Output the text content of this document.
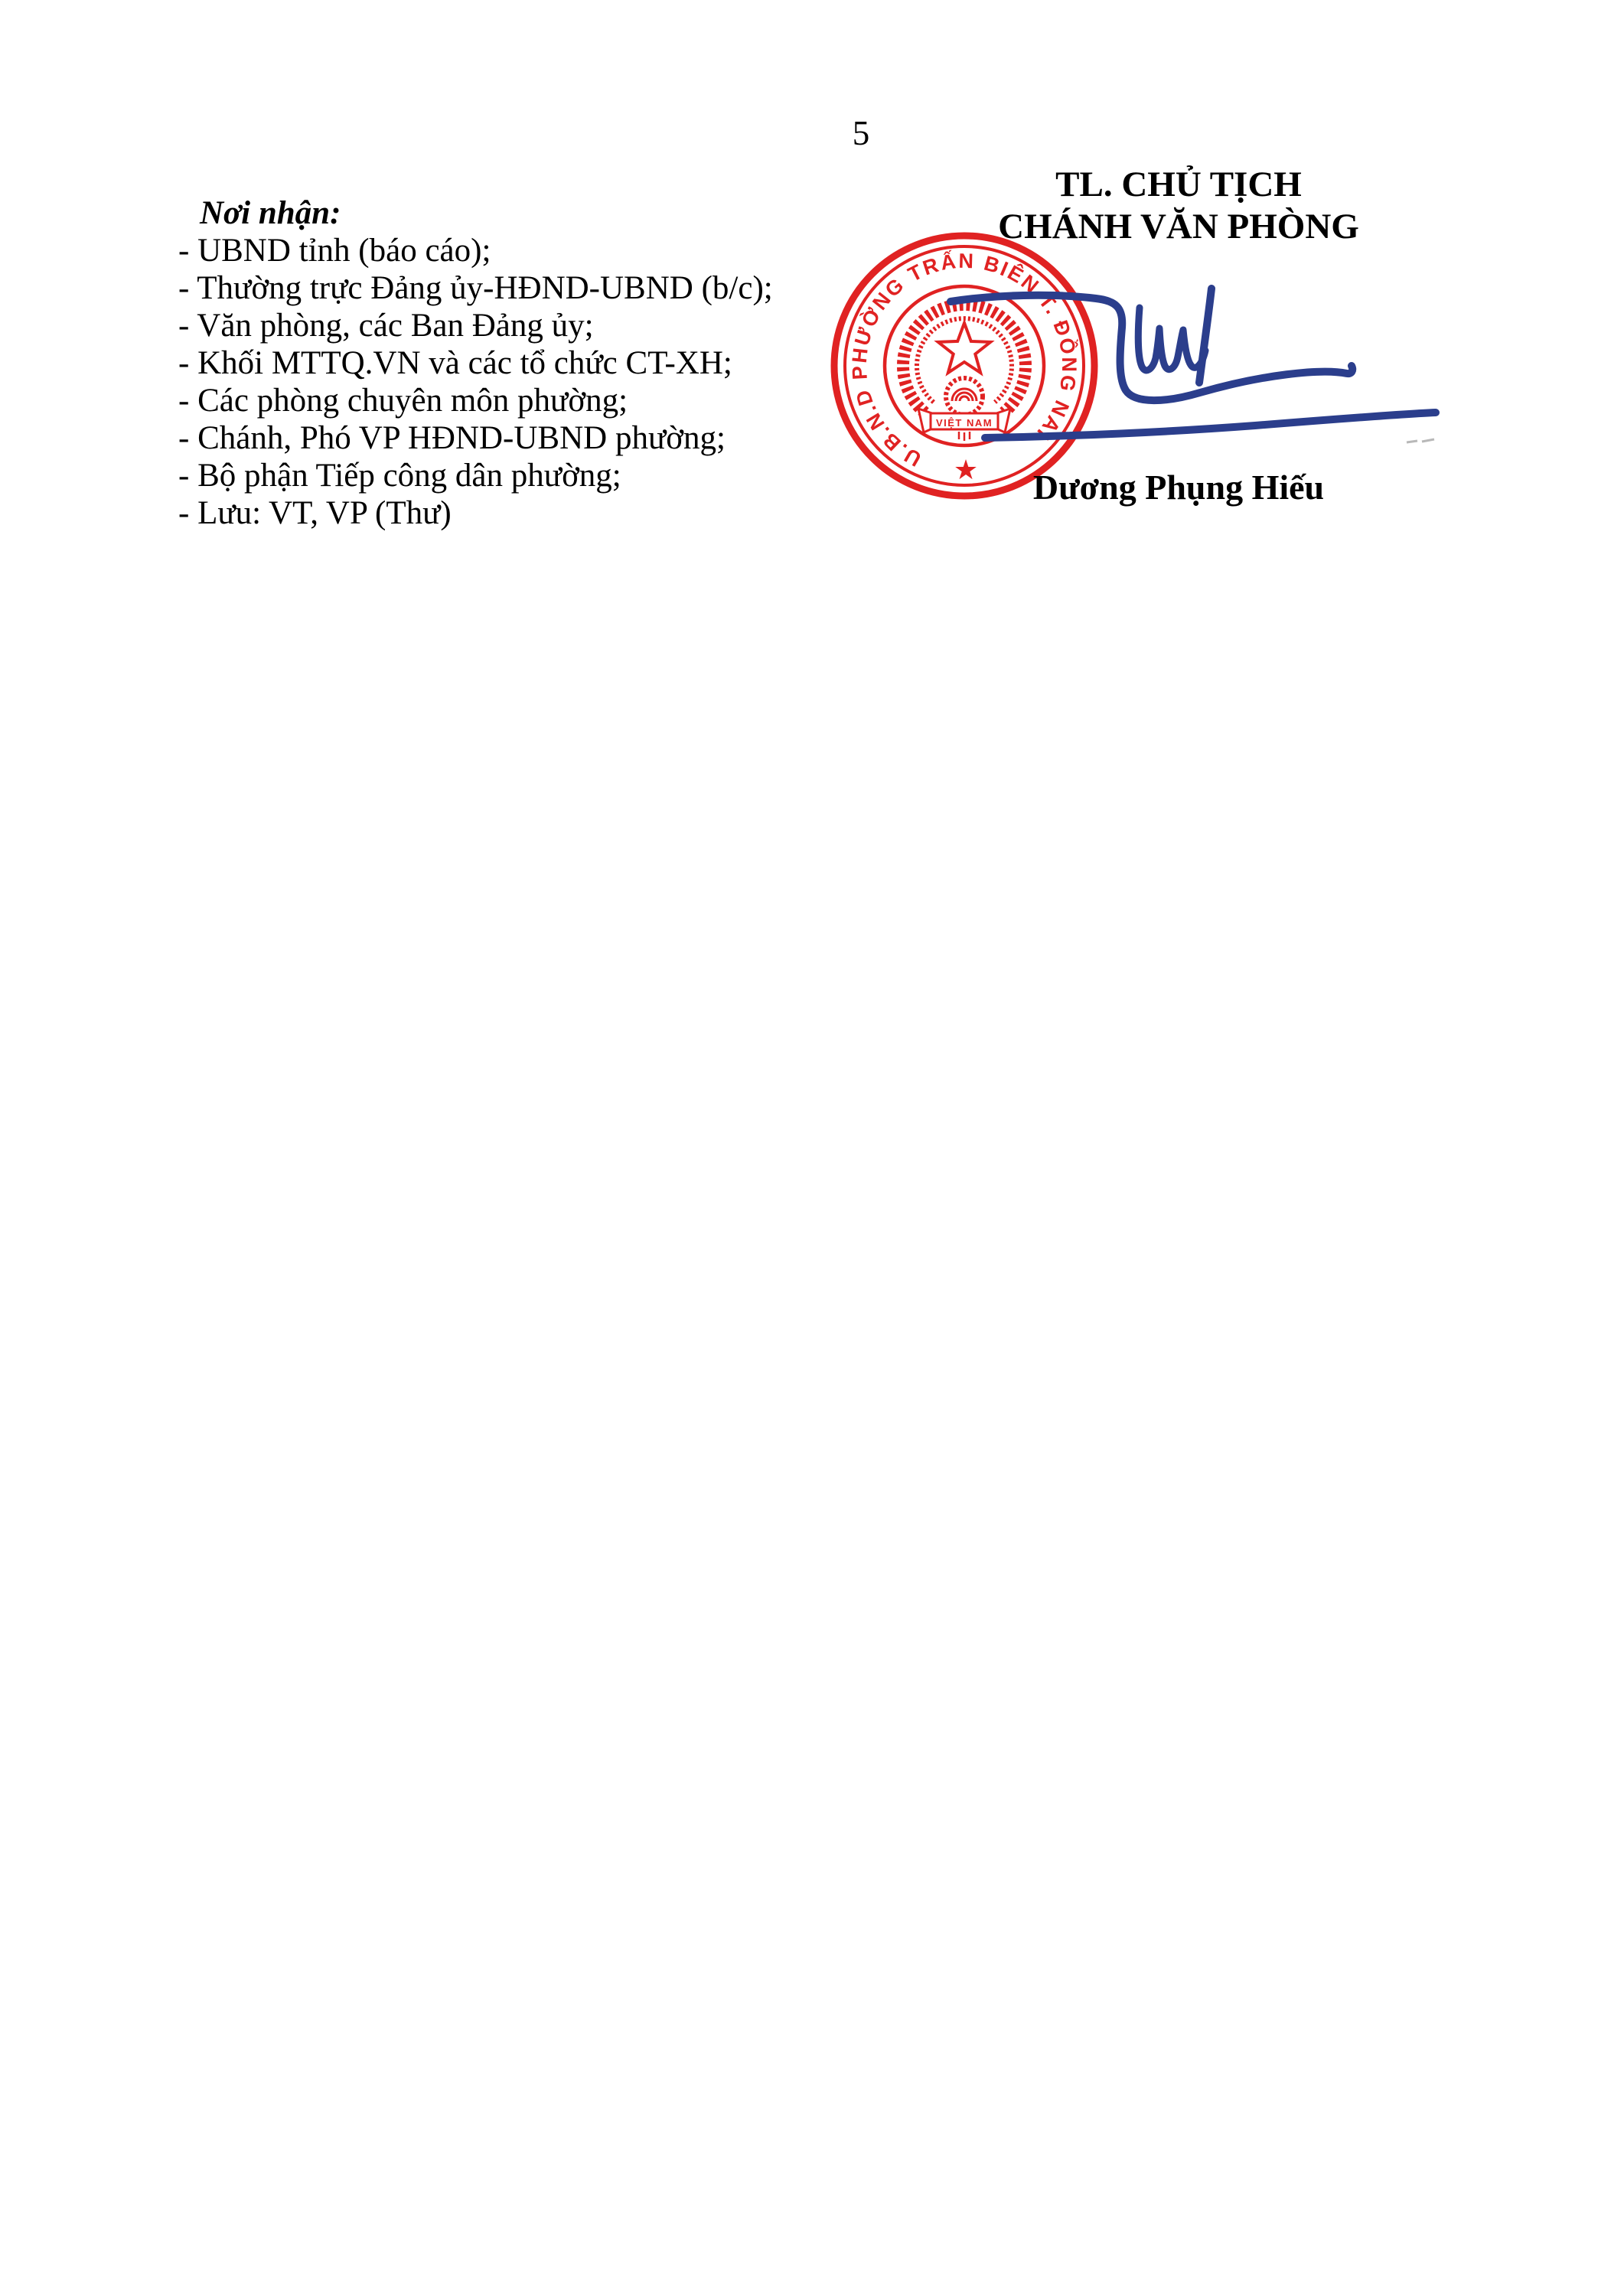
5
Nơi nhận:
- UBND tỉnh (báo cáo);
- Thường trực Đảng ủy-HĐND-UBND (b/c);
- Văn phòng, các Ban Đảng ủy;
- Khối MTTQ.VN và các tổ chức CT-XH;
- Các phòng chuyên môn phường;
- Chánh, Phó VP HĐND-UBND phường;
- Bộ phận Tiếp công dân phường;
- Lưu: VT, VP (Thư)
TL. CHỦ TỊCH
CHÁNH VĂN PHÒNG
U.B.N.D PHƯỜNG TRẤN BIÊN T. ĐỒNG NAI
★
VIỆT NAM
Dương Phụng Hiếu
